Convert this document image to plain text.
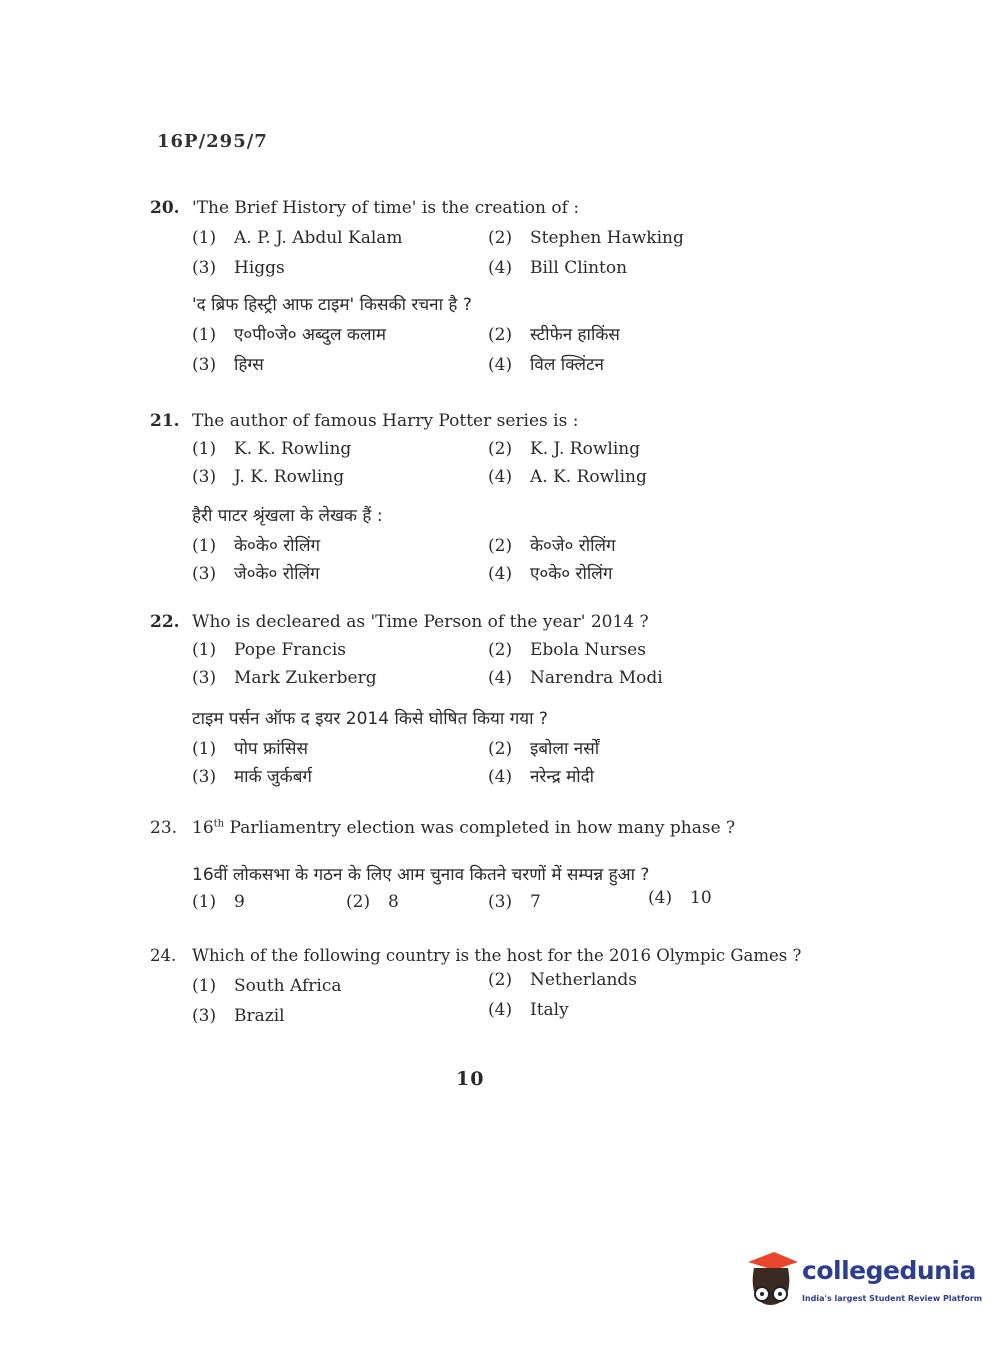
16P/295/7
20. 'The Brief History of time' is the creation of :
(1) A. P. J. Abdul Kalam	(2) Stephen Hawking
(3) Higgs	(4) Bill Clinton
'द ब्रिफ हिस्ट्री आफ टाइम' किसकी रचना है ?
(1) ए०पी०जे० अब्दुल कलाम	(2) स्टीफेन हाकिंस
(3) हिग्स	(4) विल क्लिंटन
21. The author of famous Harry Potter series is :
(1) K. K. Rowling	(2) K. J. Rowling
(3) J. K. Rowling	(4) A. K. Rowling
हैरी पाटर श्रृंखला के लेखक हैं :
(1) के०के० रोलिंग	(2) के०जे० रोलिंग
(3) जे०के० रोलिंग	(4) ए०के० रोलिंग
22. Who is decleared as 'Time Person of the year' 2014 ?
(1) Pope Francis	(2) Ebola Nurses
(3) Mark Zukerberg	(4) Narendra Modi
टाइम पर्सन ऑफ द इयर 2014 किसे घोषित किया गया ?
(1) पोप फ्रांसिस	(2) इबोला नर्सों
(3) मार्क जुर्कबर्ग	(4) नरेन्द्र मोदी
23. 16th Parliamentry election was completed in how many phase ?
16वीं लोकसभा के गठन के लिए आम चुनाव कितने चरणों में सम्पन्न हुआ ?
(1) 9	(2) 8	(3) 7	(4) 10
24. Which of the following country is the host for the 2016 Olympic Games ?
(1) South Africa	(2) Netherlands
(3) Brazil	(4) Italy
10
collegedunia
India's largest Student Review Platform
